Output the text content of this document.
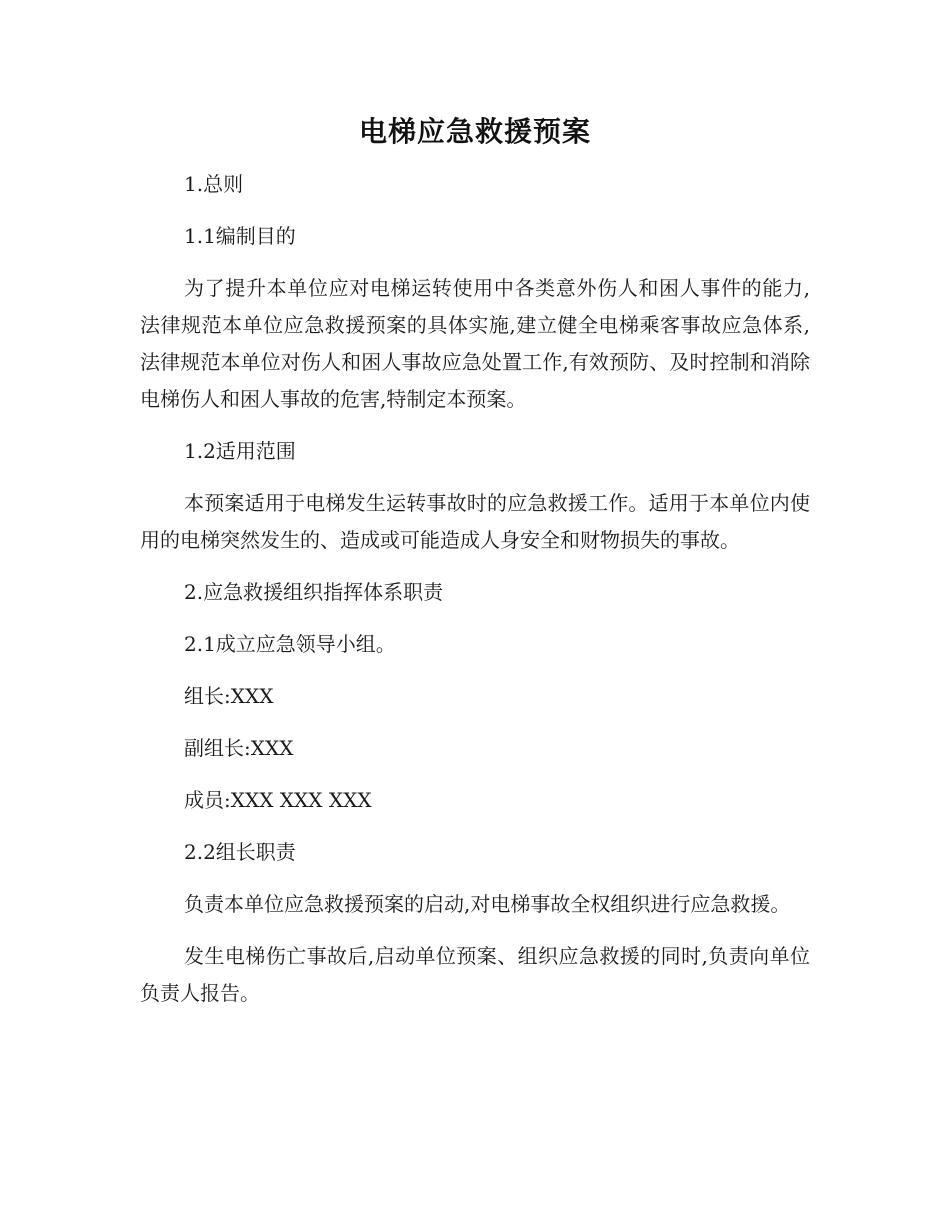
电梯应急救援预案
1.总则
1.1编制目的
为了提升本单位应对电梯运转使用中各类意外伤人和困人事件的能力,法律规范本单位应急救援预案的具体实施,建立健全电梯乘客事故应急体系,法律规范本单位对伤人和困人事故应急处置工作,有效预防、及时控制和消除电梯伤人和困人事故的危害,特制定本预案。
1.2适用范围
本预案适用于电梯发生运转事故时的应急救援工作。适用于本单位内使用的电梯突然发生的、造成或可能造成人身安全和财物损失的事故。
2.应急救援组织指挥体系职责
2.1成立应急领导小组。
组长:XXX
副组长:XXX
成员:XXX XXX XXX
2.2组长职责
负责本单位应急救援预案的启动,对电梯事故全权组织进行应急救援。
发生电梯伤亡事故后,启动单位预案、组织应急救援的同时,负责向单位负责人报告。
